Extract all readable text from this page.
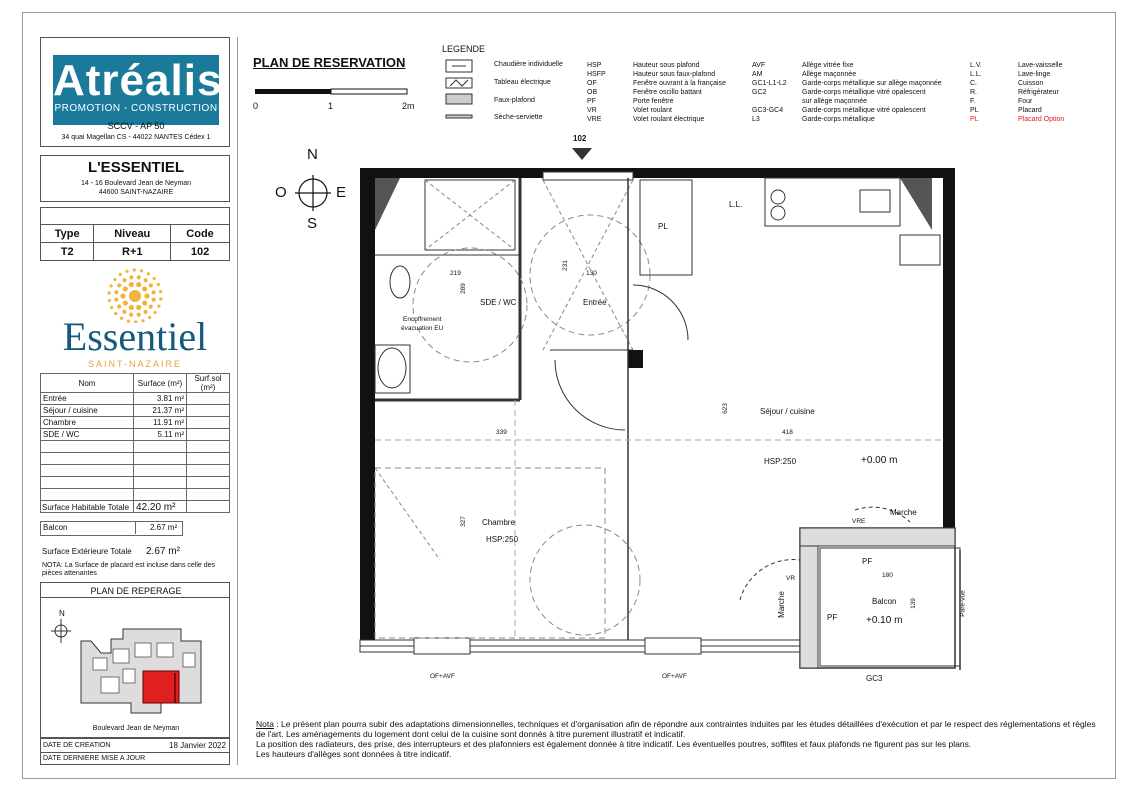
Atréalis
PROMOTION - CONSTRUCTION
SCCV - AP 50
34 quai Magellan CS - 44022 NANTES Cédex 1
L'ESSENTIEL
14 - 16 Boulevard Jean de Neyman
44600 SAINT-NAZAIRE

Type	Niveau	Code
T2	R+1	102
Essentiel
SAINT-NAZAIRE
Nom	Surface (m²)	Surf.sol (m²)
Entrée	3.81 m²	
Séjour / cuisine	21.37 m²	
Chambre	11.91 m²	
SDE / WC	5.11 m²	

Surface Habitable Totale 42.20 m²
Balcon	2.67 m²
Surface Extérieure Totale 2.67 m²
NOTA: La Surface de placard est incluse dans celle des pièces attenantes
PLAN DE REPERAGE
N
Boulevard Jean de Neyman
DATE DE CREATION	18 Janvier 2022
DATE DERNIERE MISE A JOUR
PLAN DE RESERVATION
0	1	2m
LEGENDE
Chaudière individuelle
Tableau électrique
Faux-plafond
Sèche-serviette
HSP	Hauteur sous plafond
HSFP	Hauteur sous faux-plafond
OF	Fenêtre ouvrant à la française
OB	Fenêtre oscillo battant
PF	Porte fenêtre
VR	Volet roulant
VRE	Volet roulant électrique
AVF	Allège vitrée fixe
AM	Allège maçonnée
GC1-L1-L2 Garde-corps métallique sur allège maçonnée
GC2	Garde-corps métallique vitré opalescent
sur allège maçonnée
GC3-GC4	Garde-corps métallique vitré opalescent
L3	Garde-corps métallique
L.V.	Lave-vaisselle
L.L.	Lave-linge
C.	Cuisson
R.	Réfrigérateur
F.	Four
PL	Placard
PL	Placard Option
102
SDE / WC	Entrée
Séjour / cuisine
Chambre
Balcon
Encoffrement
évacuation EU
L.L.
PL
HSP:250
HSP:250
+0.00 m
+0.10 m
Marche
Marche
PF
PF
Pare-vue
GC3
OF+AVF	OF+AVF
VR
VRE
219
231
130
289
339	418
623
327
180
139
N
S
E
O
Nota : Le présent plan pourra subir des adaptations dimensionnelles, techniques et d'organisation afin de répondre aux contraintes induites par les études détaillées d'exécution et par le respect des réglementations et règles de l'art. Les aménagements du logement dont celui de la cuisine sont donnés à titre purement illustratif et indicatif.
La position des radiateurs, des prise, des interrupteurs et des plafonniers est également donnée à titre indicatif. Les éventuelles poutres, soffites et faux plafonds ne figurent pas sur les plans.
Les hauteurs d'allèges sont données à titre indicatif.
